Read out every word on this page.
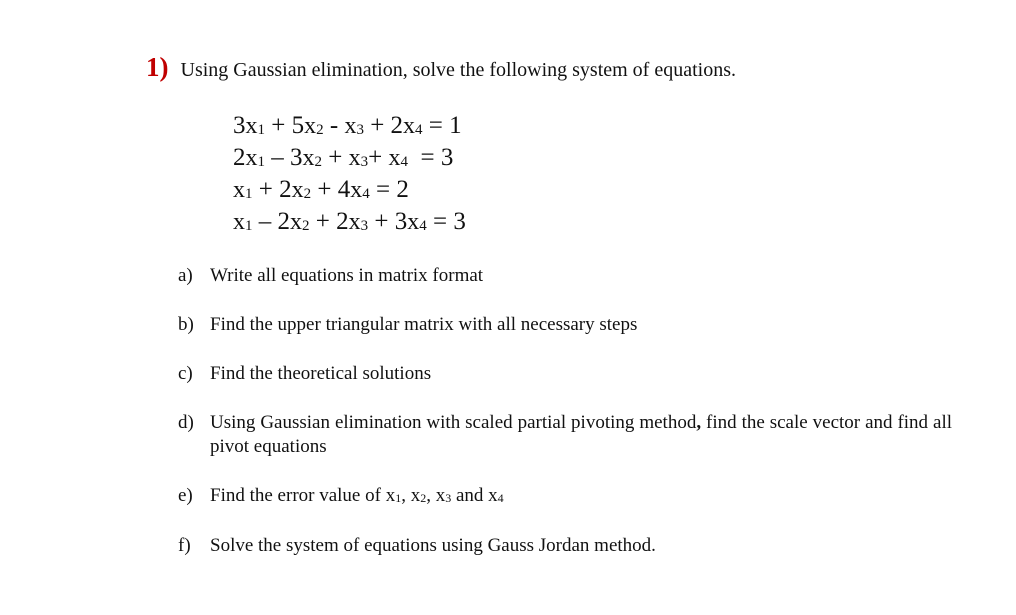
1) Using Gaussian elimination, solve the following system of equations.
$3x_1 + 5x_2 - x_3 + 2x_4 = 1$
$2x_1 - 3x_2 + x_3+ x_4 = 3$
$x_1 + 2x_2 + 4x_4 = 2$
$x_1 - 2x_2 + 2x_3 + 3x_4 = 3$
a) Write all equations in matrix format
b) Find the upper triangular matrix with all necessary steps
c) Find the theoretical solutions
d) Using Gaussian elimination with scaled partial pivoting method, find the scale vector and find all pivot equations
e) Find the error value of $x_1$, $x_2$, $x_3$ and $x_4$
f)	Solve the system of equations using Gauss Jordan method.
